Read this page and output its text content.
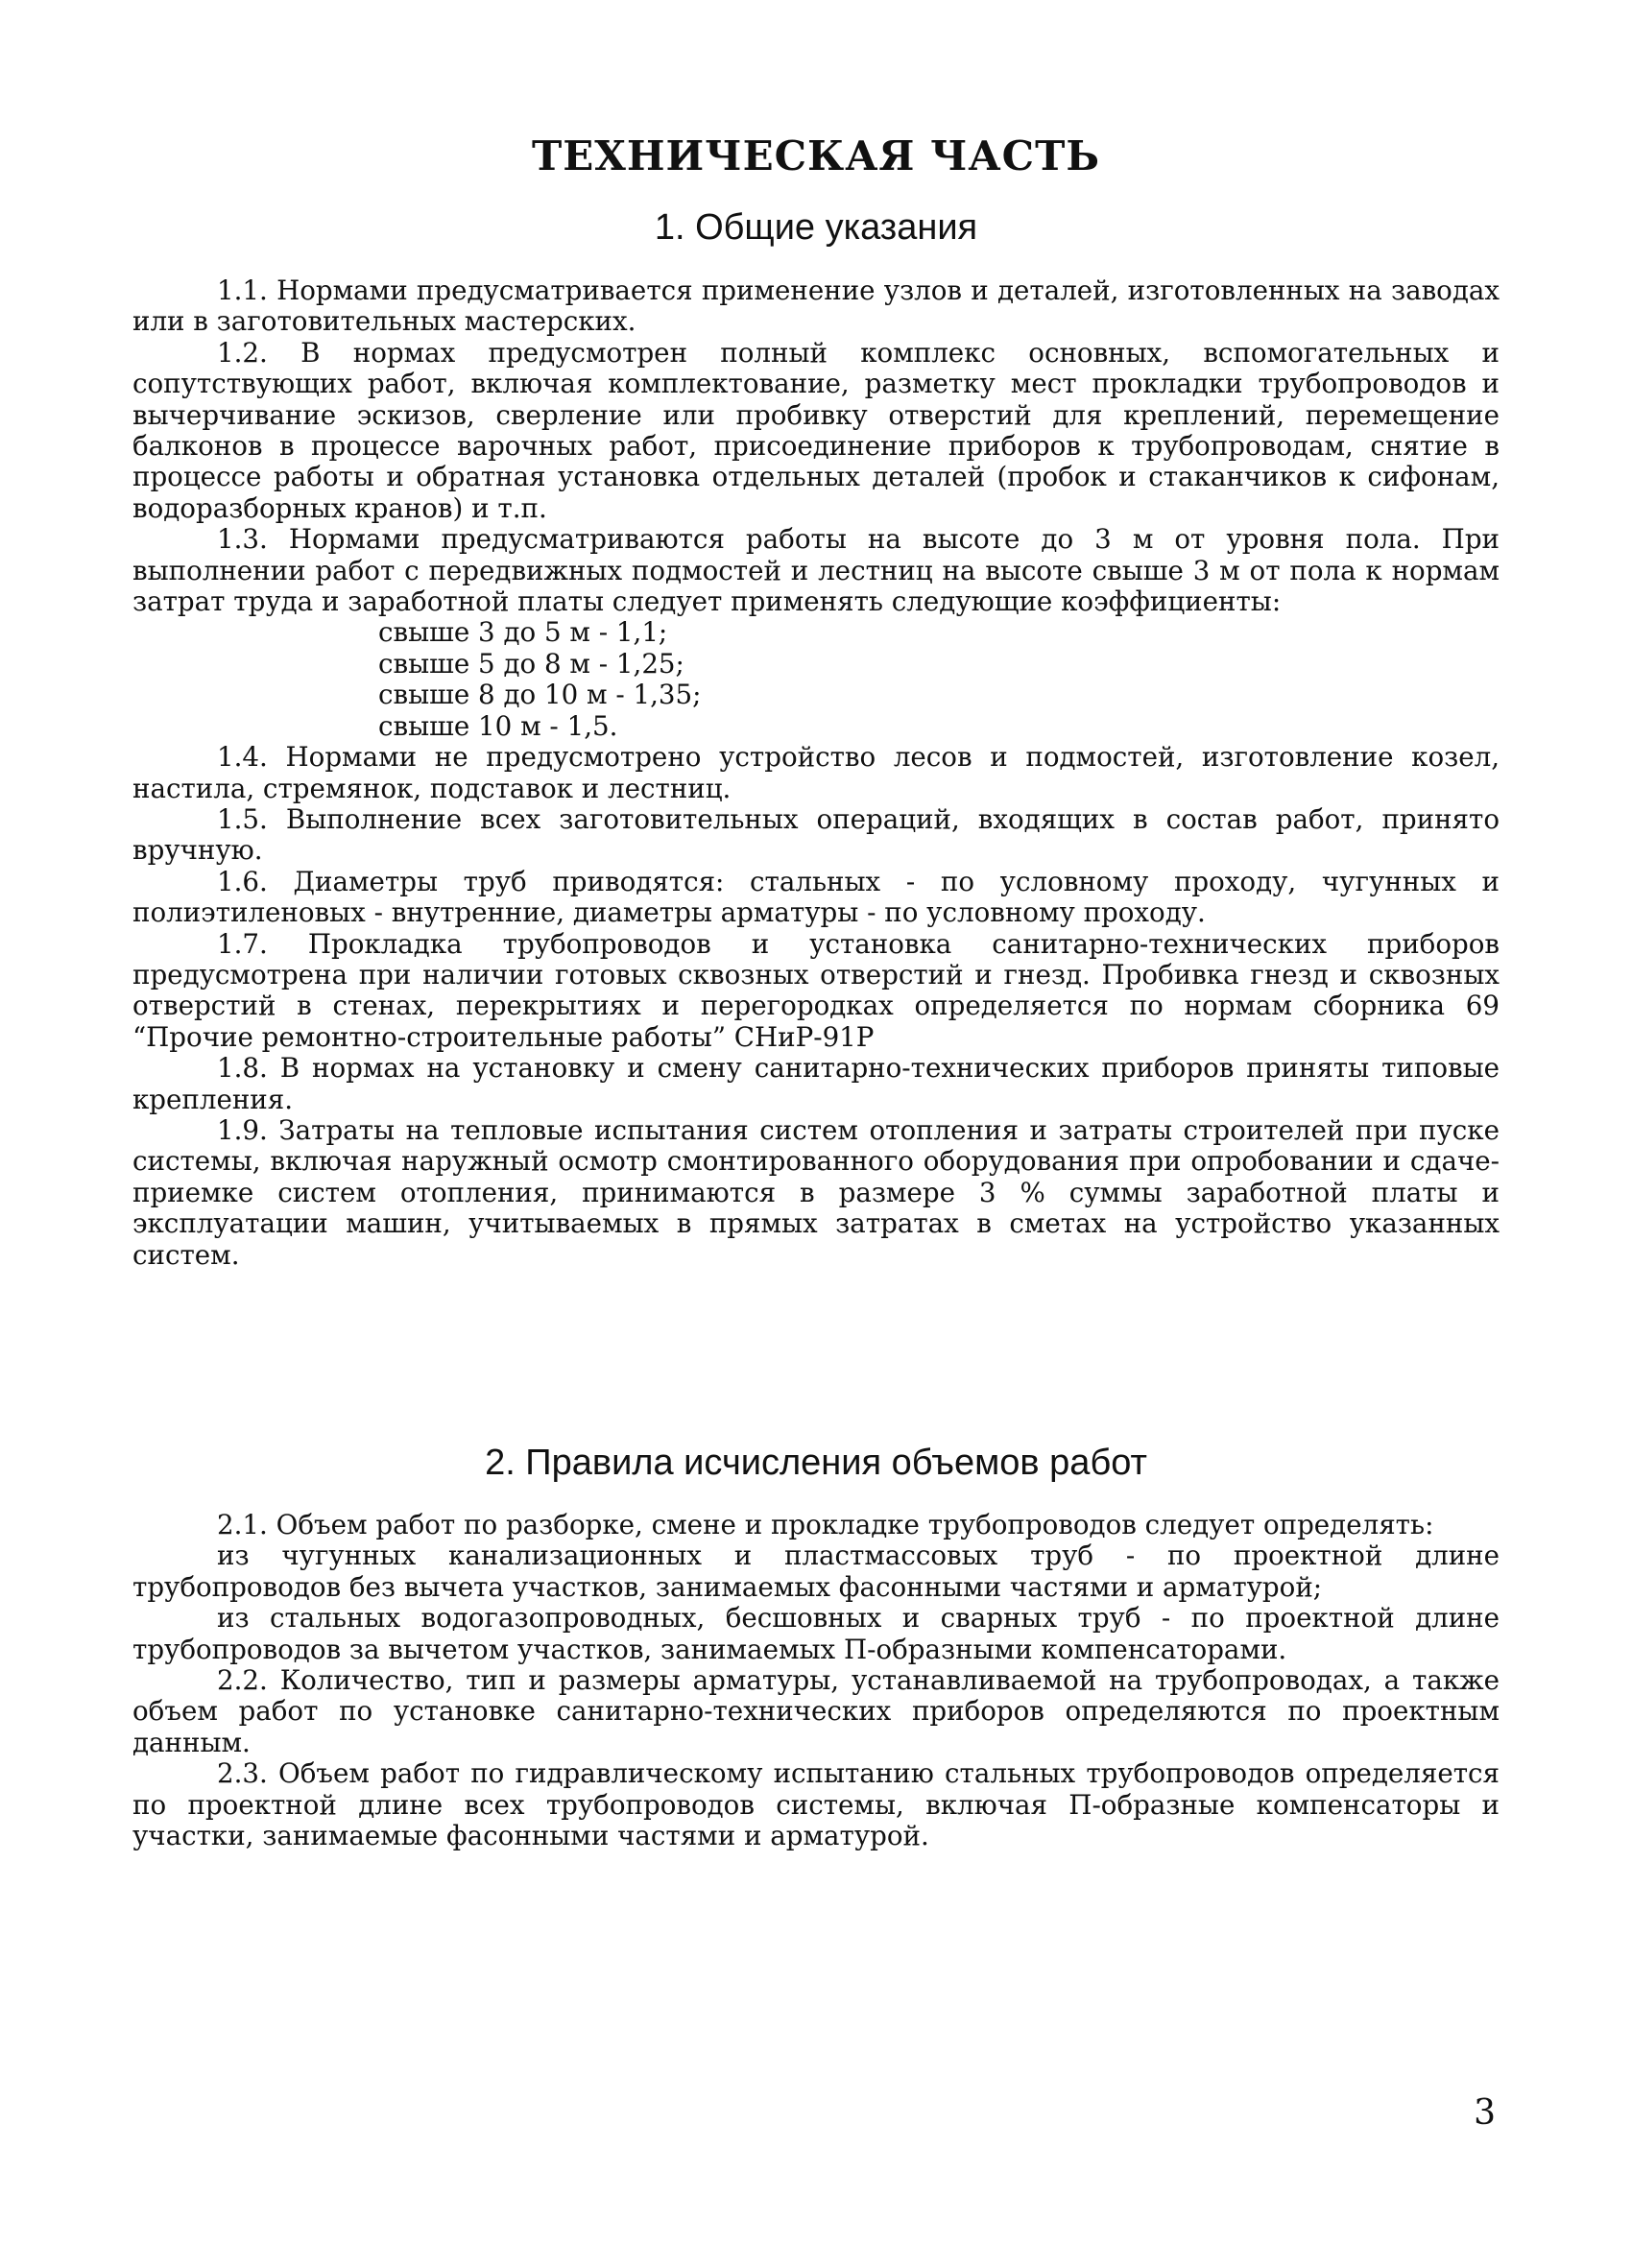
ТЕХНИЧЕСКАЯ ЧАСТЬ
1. Общие указания

1.1. Нормами предусматривается применение узлов и деталей, изготовленных на заводах или в заготовительных мастерских.

1.2. В нормах предусмотрен полный комплекс основных, вспомогательных и сопутствующих работ, включая комплектование, разметку мест прокладки трубопроводов и вычерчивание эскизов, сверление или пробивку отверстий для креплений, перемещение балконов в процессе варочных работ, присоединение приборов к трубопроводам, снятие в процессе работы и обратная установка отдельных деталей (пробок и стаканчиков к сифонам, водоразборных кранов) и т.п.

1.3. Нормами предусматриваются работы на высоте до 3 м от уровня пола. При выполнении работ с передвижных подмостей и лестниц на высоте свыше 3 м от пола к нормам затрат труда и заработной платы следует применять следующие коэффициенты:

свыше 3 до 5 м - 1,1;
свыше 5 до 8 м - 1,25;
свыше 8 до 10 м - 1,35;
свыше 10 м - 1,5.

1.4. Нормами не предусмотрено устройство лесов и подмостей, изготовление козел, настила, стремянок, подставок и лестниц.

1.5. Выполнение всех заготовительных операций, входящих в состав работ, принято вручную.

1.6. Диаметры труб приводятся: стальных - по условному проходу, чугунных и полиэтиленовых - внутренние, диаметры арматуры - по условному проходу.

1.7. Прокладка трубопроводов и установка санитарно-технических приборов предусмотрена при наличии готовых сквозных отверстий и гнезд. Пробивка гнезд и сквозных отверстий в стенах, перекрытиях и перегородках определяется по нормам сборника 69 “Прочие ремонтно-строительные работы” СНиР-91Р

1.8. В нормах на установку и смену санитарно-технических приборов приняты типовые крепления.

1.9. Затраты на тепловые испытания систем отопления и затраты строителей при пуске системы, включая наружный осмотр смонтированного оборудования при опробовании и сдаче-приемке систем отопления, принимаются в размере 3 % суммы заработной платы и эксплуатации машин, учитываемых в прямых затратах в сметах на устройство указанных систем.

2. Правила исчисления объемов работ

2.1. Объем работ по разборке, смене и прокладке трубопроводов следует определять:

из чугунных канализационных и пластмассовых труб - по проектной длине трубопроводов без вычета участков, занимаемых фасонными частями и арматурой;

из стальных водогазопроводных, бесшовных и сварных труб - по проектной длине трубопроводов за вычетом участков, занимаемых П-образными компенсаторами.

2.2. Количество, тип и размеры арматуры, устанавливаемой на трубопроводах, а также объем работ по установке санитарно-технических приборов определяются по проектным данным.

2.3. Объем работ по гидравлическому испытанию стальных трубопроводов определяется по проектной длине всех трубопроводов системы, включая П-образные компенсаторы и участки, занимаемые фасонными частями и арматурой.

3
